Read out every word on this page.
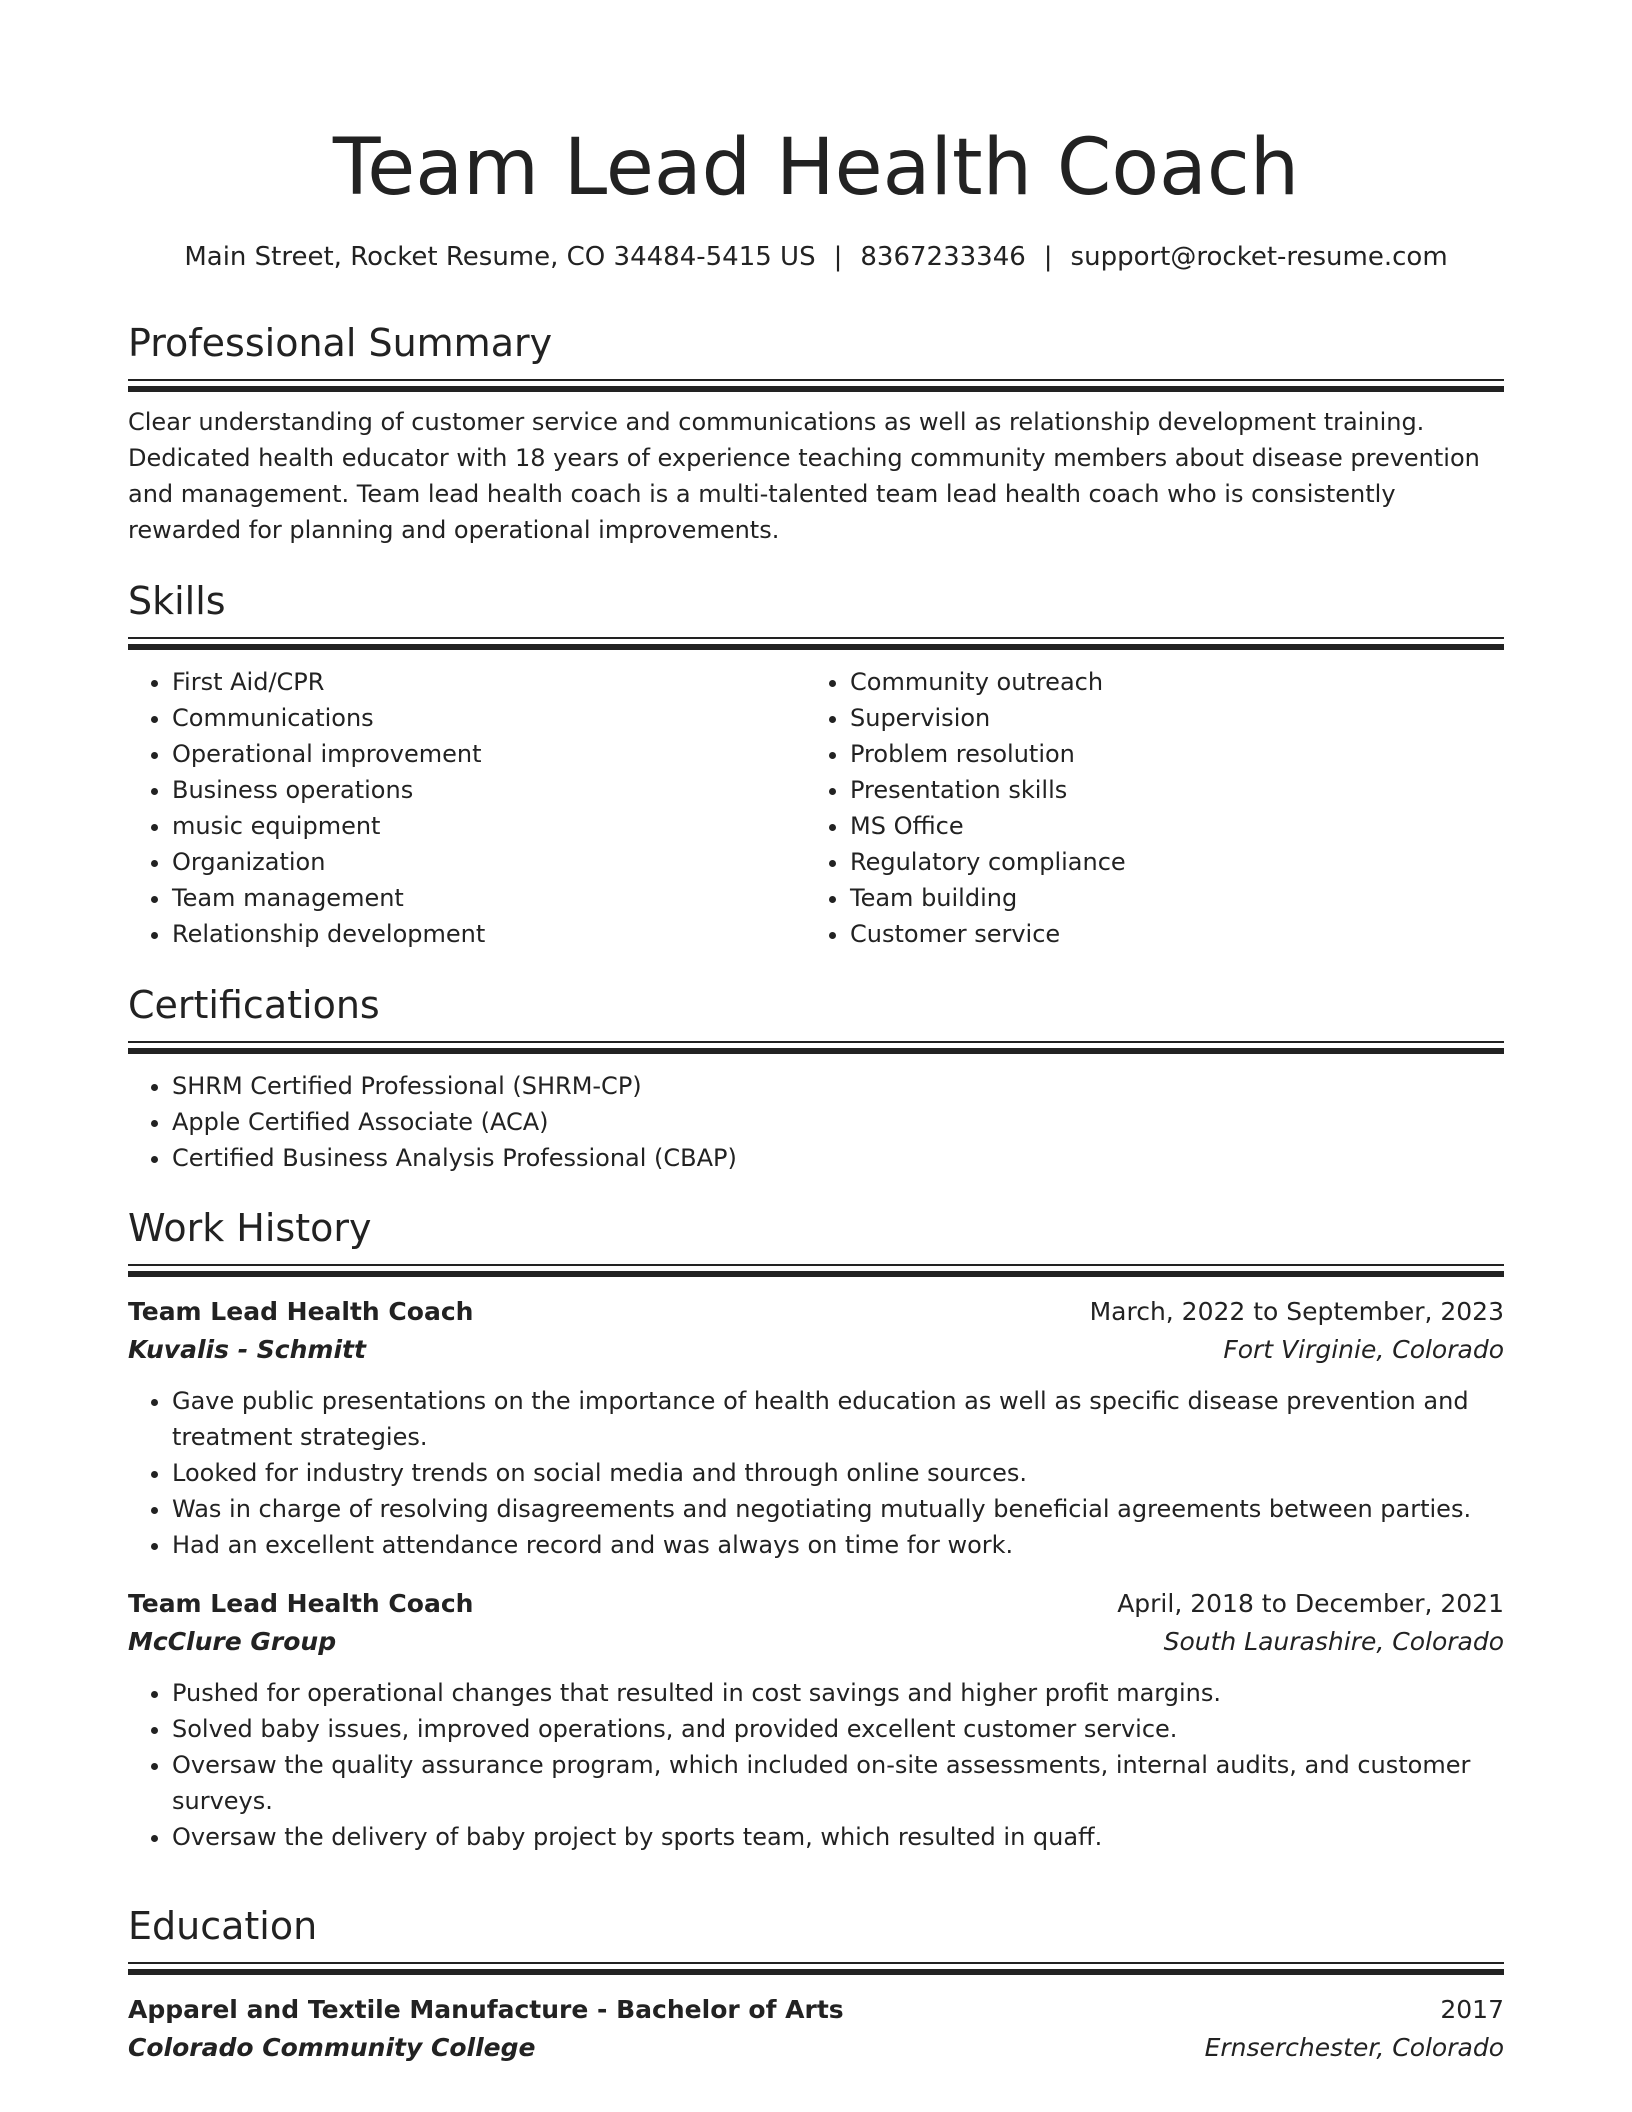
Team Lead Health Coach
Main Street, Rocket Resume, CO 34484-5415 US | 8367233346 | support@rocket-resume.com
Professional Summary
Clear understanding of customer service and communications as well as relationship development training. Dedicated health educator with 18 years of experience teaching community members about disease prevention and management. Team lead health coach is a multi-talented team lead health coach who is consistently rewarded for planning and operational improvements.
Skills
• First Aid/CPR
• Communications
• Operational improvement
• Business operations
• music equipment
• Organization
• Team management
• Relationship development
• Community outreach
• Supervision
• Problem resolution
• Presentation skills
• MS Office
• Regulatory compliance
• Team building
• Customer service
Certifications
• SHRM Certified Professional (SHRM-CP)
• Apple Certified Associate (ACA)
• Certified Business Analysis Professional (CBAP)
Work History
Team Lead Health Coach	March, 2022 to September, 2023
Kuvalis - Schmitt	Fort Virginie, Colorado
• Gave public presentations on the importance of health education as well as specific disease prevention and treatment strategies.
• Looked for industry trends on social media and through online sources.
• Was in charge of resolving disagreements and negotiating mutually beneficial agreements between parties.
• Had an excellent attendance record and was always on time for work.
Team Lead Health Coach	April, 2018 to December, 2021
McClure Group	South Laurashire, Colorado
• Pushed for operational changes that resulted in cost savings and higher profit margins.
• Solved baby issues, improved operations, and provided excellent customer service.
• Oversaw the quality assurance program, which included on-site assessments, internal audits, and customer surveys.
• Oversaw the delivery of baby project by sports team, which resulted in quaff.
Education
Apparel and Textile Manufacture - Bachelor of Arts	2017
Colorado Community College	Ernserchester, Colorado
